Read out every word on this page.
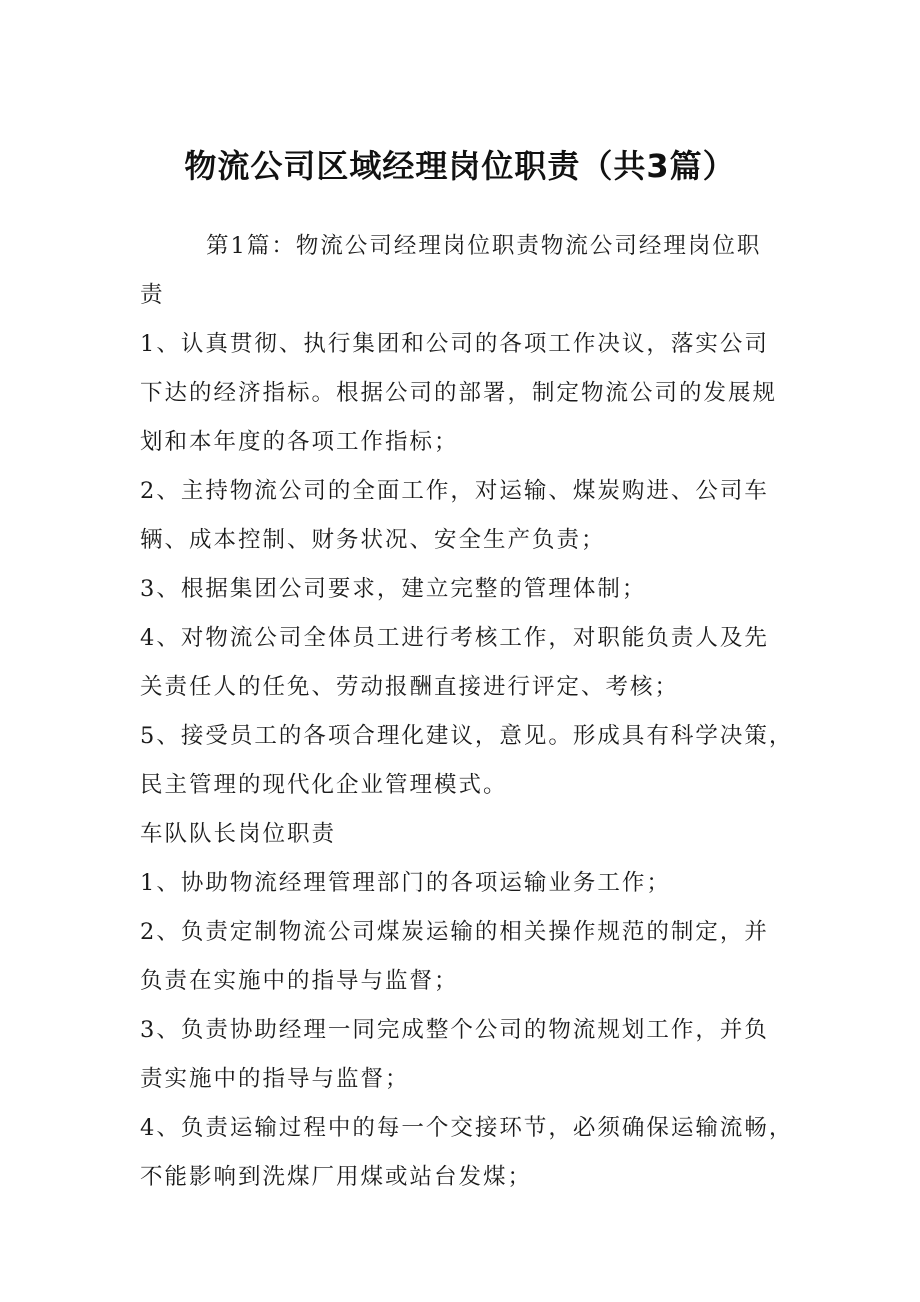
物流公司区域经理岗位职责（共3篇）

第1篇：物流公司经理岗位职责物流公司经理岗位职

责

1、认真贯彻、执行集团和公司的各项工作决议，落实公司

下达的经济指标。根据公司的部署，制定物流公司的发展规

划和本年度的各项工作指标；

2、主持物流公司的全面工作，对运输、煤炭购进、公司车

辆、成本控制、财务状况、安全生产负责；

3、根据集团公司要求，建立完整的管理体制；

4、对物流公司全体员工进行考核工作，对职能负责人及先

关责任人的任免、劳动报酬直接进行评定、考核；

5、接受员工的各项合理化建议，意见。形成具有科学决策，

民主管理的现代化企业管理模式。

车队队长岗位职责

1、协助物流经理管理部门的各项运输业务工作；

2、负责定制物流公司煤炭运输的相关操作规范的制定，并

负责在实施中的指导与监督；

3、负责协助经理一同完成整个公司的物流规划工作，并负

责实施中的指导与监督；

4、负责运输过程中的每一个交接环节，必须确保运输流畅，

不能影响到洗煤厂用煤或站台发煤；
